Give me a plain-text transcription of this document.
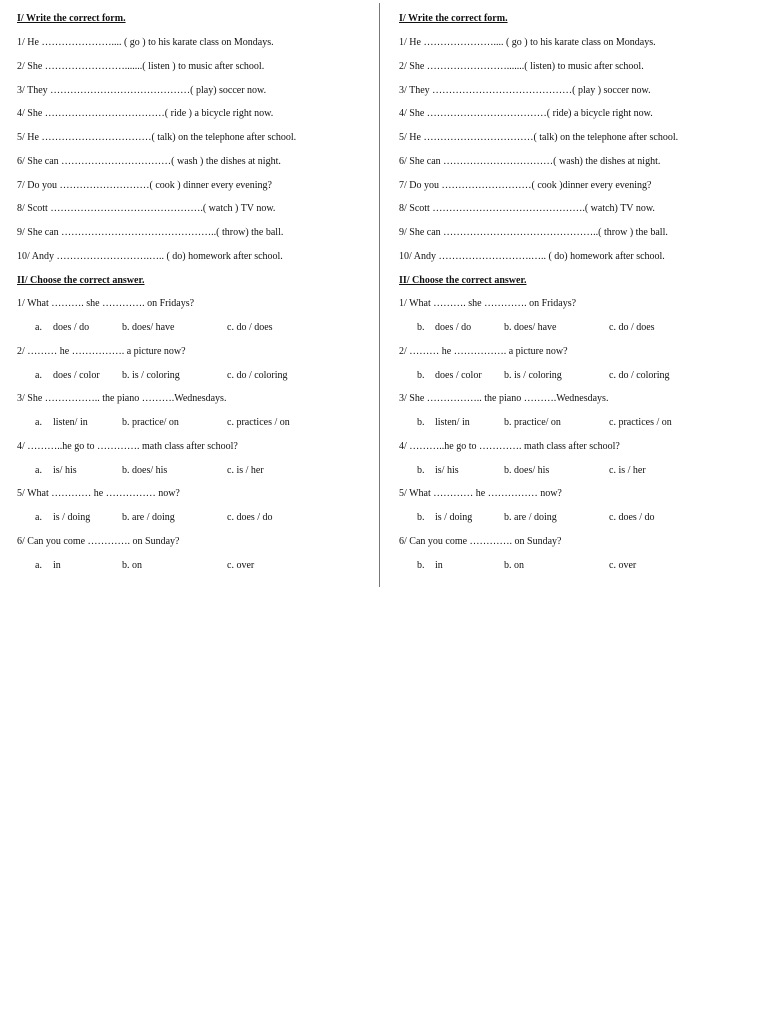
I/ Write the correct form.
1/ He ………………….... ( go ) to his karate class on Mondays.
2/ She …………………….......( listen ) to music after school.
3/ They ……………………………………( play) soccer now.
4/ She ………………………………( ride ) a bicycle right now.
5/ He ……………………………( talk) on the telephone after school.
6/ She can ……………………………( wash ) the dishes at night.
7/ Do you ………………………( cook ) dinner every evening?
8/ Scott ……………………………………….( watch ) TV now.
9/ She can ………………………………………..( throw) the ball.
10/ Andy ……………………….….. ( do) homework after school.
II/ Choose the correct answer.
1/ What ………. she …………. on Fridays?
a. does / do	b. does/ have	c. do / does
2/ ……… he ……………. a picture now?
a. does / color b. is / coloring	c. do / coloring
3/ She …………….. the piano ……….Wednesdays.
a. listen/ in	b. practice/ on	c. practices / on
4/ ………..he go to …………. math class after school?
a. is/ his	b. does/ his	c. is / her
5/ What ………… he …………… now?
a. is / doing	b. are / doing	c. does / do
6/ Can you come …………. on Sunday?
a. in	b. on	c. over
I/ Write the correct form.
1/ He ………………….... ( go ) to his karate class on Mondays.
2/ She …………………….......( listen) to music after school.
3/ They ……………………………………( play ) soccer now.
4/ She ………………………………( ride) a bicycle right now.
5/ He ……………………………( talk) on the telephone after school.
6/ She can ……………………………( wash) the dishes at night.
7/ Do you ………………………( cook )dinner every evening?
8/ Scott ……………………………………….( watch) TV now.
9/ She can ………………………………………..( throw ) the ball.
10/ Andy ……………………….….. ( do) homework after school.
II/ Choose the correct answer.
1/ What ………. she …………. on Fridays?
b. does / do	b. does/ have	c. do / does
2/ ……… he ……………. a picture now?
b. does / color b. is / coloring	c. do / coloring
3/ She …………….. the piano ……….Wednesdays.
b. listen/ in	b. practice/ on	c. practices / on
4/ ………..he go to …………. math class after school?
b. is/ his	b. does/ his	c. is / her
5/ What ………… he …………… now?
b. is / doing	b. are / doing	c. does / do
6/ Can you come …………. on Sunday?
b. in	b. on	c. over
